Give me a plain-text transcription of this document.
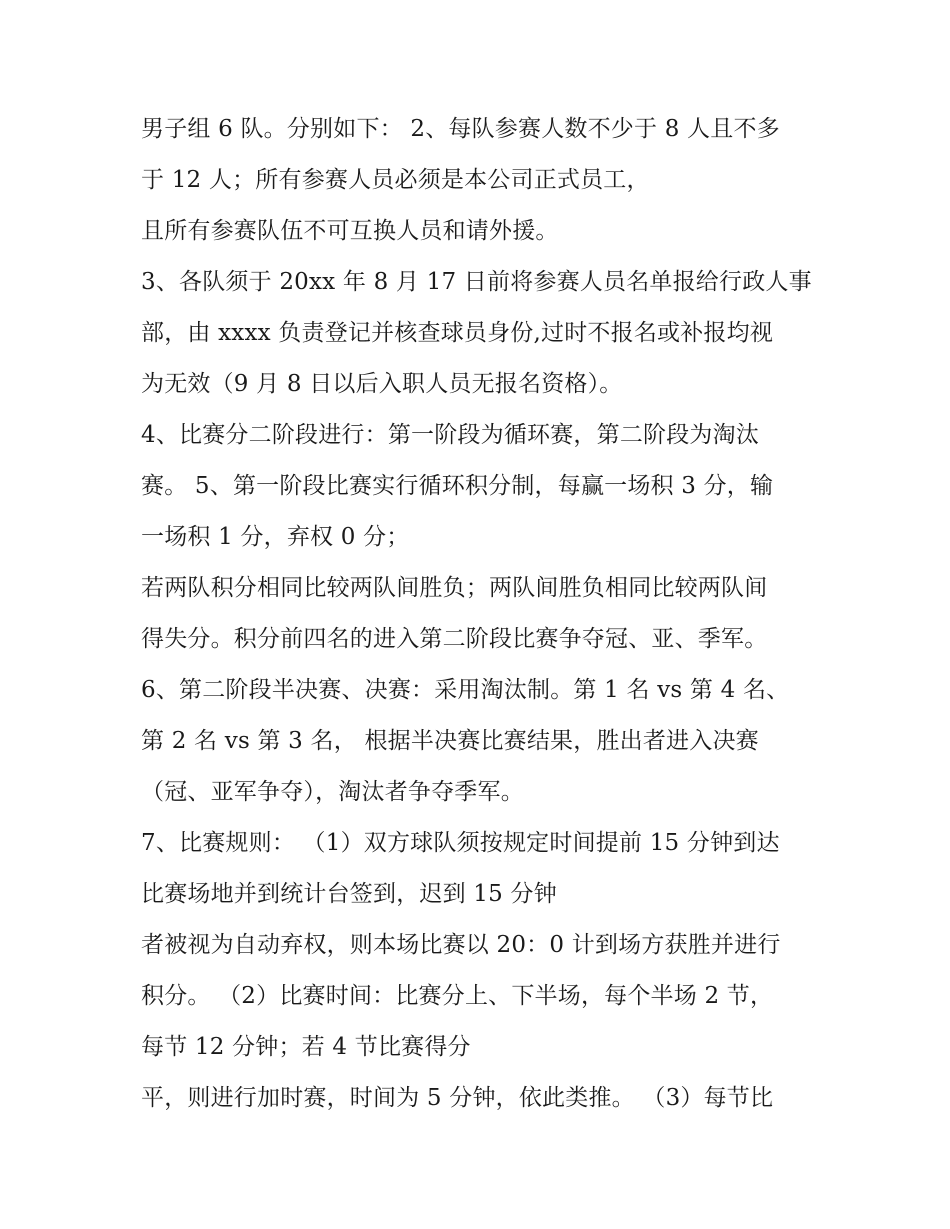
男子组 6 队。分别如下： 2、每队参赛人数不少于 8 人且不多
于 12 人；所有参赛人员必须是本公司正式员工，
且所有参赛队伍不可互换人员和请外援。
3、各队须于 20xx 年 8 月 17 日前将参赛人员名单报给行政人事
部，由 xxxx 负责登记并核查球员身份,过时不报名或补报均视
为无效（9 月 8 日以后入职人员无报名资格）。
4、比赛分二阶段进行：第一阶段为循环赛，第二阶段为淘汰
赛。 5、第一阶段比赛实行循环积分制，每赢一场积 3 分，输
一场积 1 分，弃权 0 分；
若两队积分相同比较两队间胜负；两队间胜负相同比较两队间
得失分。积分前四名的进入第二阶段比赛争夺冠、亚、季军。
6、第二阶段半决赛、决赛：采用淘汰制。第 1 名 vs 第 4 名、
第 2 名 vs 第 3 名， 根据半决赛比赛结果，胜出者进入决赛
（冠、亚军争夺），淘汰者争夺季军。
7、比赛规则： （1）双方球队须按规定时间提前 15 分钟到达
比赛场地并到统计台签到，迟到 15 分钟
者被视为自动弃权，则本场比赛以 20：0 计到场方获胜并进行
积分。 （2）比赛时间：比赛分上、下半场，每个半场 2 节，
每节 12 分钟；若 4 节比赛得分
平，则进行加时赛，时间为 5 分钟，依此类推。 （3）每节比
